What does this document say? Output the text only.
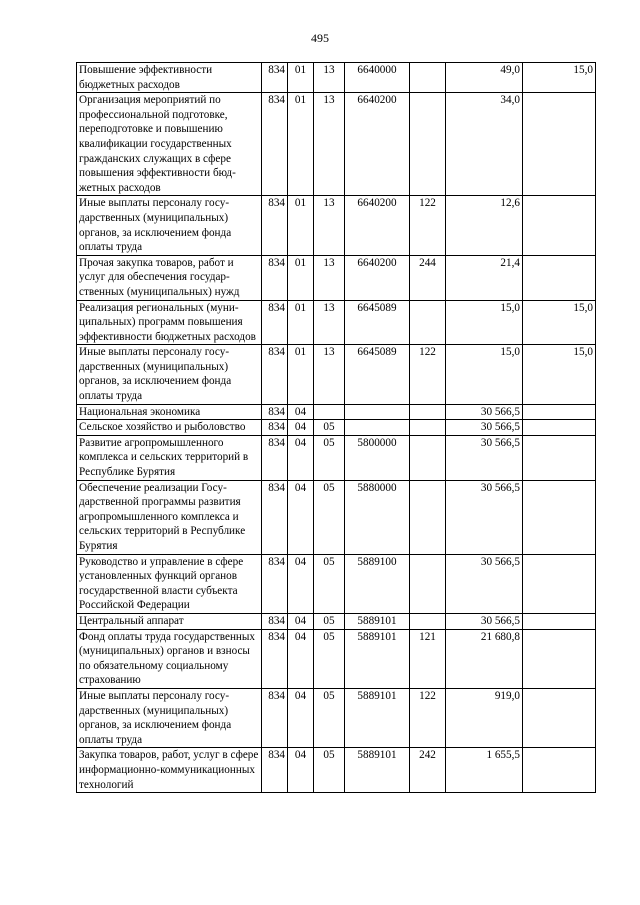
495
Повышение эффективности бюджетных расходов	834	01	13	6640000		49,0	15,0
Организация мероприятий по профессиональной подготовке, переподготовке и повышению квалификации государственных гражданских служащих в сфере повышения эффективности бюджетных расходов	834	01	13	6640200		34,0	
Иные выплаты персоналу государственных (муниципальных) органов, за исключением фонда оплаты труда	834	01	13	6640200	122	12,6	
Прочая закупка товаров, работ и услуг для обеспечения государственных (муниципальных) нужд	834	01	13	6640200	244	21,4	
Реализация региональных (муниципальных) программ повышения эффективности бюджетных расходов	834	01	13	6645089		15,0	15,0
Иные выплаты персоналу государственных (муниципальных) органов, за исключением фонда оплаты труда	834	01	13	6645089	122	15,0	15,0
Национальная экономика	834	04				30 566,5	
Сельское хозяйство и рыболовство	834	04	05			30 566,5	
Развитие агропромышленного комплекса и сельских территорий в Республике Бурятия	834	04	05	5800000		30 566,5	
Обеспечение реализации Государственной программы развития агропромышленного комплекса и сельских территорий в Республике Бурятия	834	04	05	5880000		30 566,5	
Руководство и управление в сфере установленных функций органов государственной власти субъекта Российской Федерации	834	04	05	5889100		30 566,5	
Центральный аппарат	834	04	05	5889101		30 566,5	
Фонд оплаты труда государственных (муниципальных) органов и взносы по обязательному социальному страхованию	834	04	05	5889101	121	21 680,8	
Иные выплаты персоналу государственных (муниципальных) органов, за исключением фонда оплаты труда	834	04	05	5889101	122	919,0	
Закупка товаров, работ, услуг в сфере информационно-коммуникационных технологий	834	04	05	5889101	242	1 655,5	
